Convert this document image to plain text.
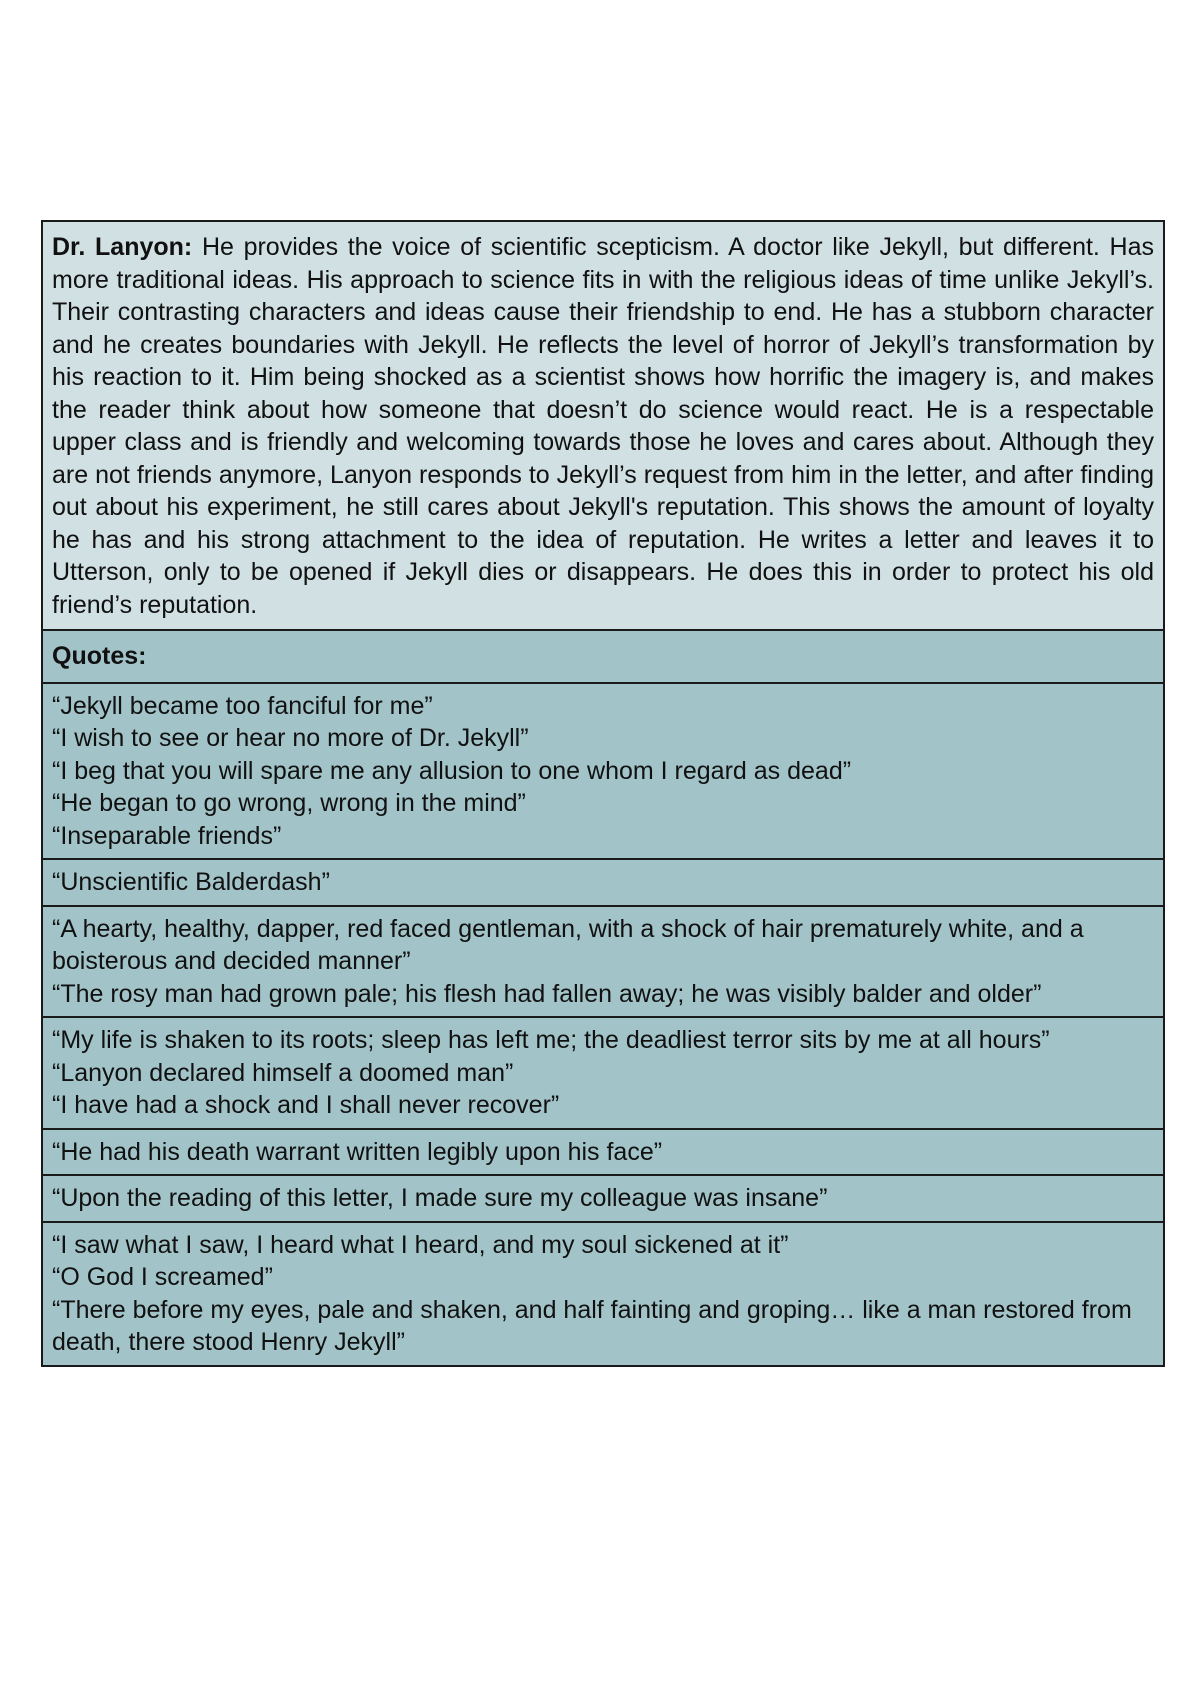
Dr. Lanyon: He provides the voice of scientific scepticism. A doctor like Jekyll, but different. Has more traditional ideas. His approach to science fits in with the religious ideas of time unlike Jekyll’s. Their contrasting characters and ideas cause their friendship to end. He has a stubborn character and he creates boundaries with Jekyll. He reflects the level of horror of Jekyll’s transformation by his reaction to it. Him being shocked as a scientist shows how horrific the imagery is, and makes the reader think about how someone that doesn’t do science would react. He is a respectable upper class and is friendly and welcoming towards those he loves and cares about. Although they are not friends anymore, Lanyon responds to Jekyll’s request from him in the letter, and after finding out about his experiment, he still cares about Jekyll's reputation. This shows the amount of loyalty he has and his strong attachment to the idea of reputation. He writes a letter and leaves it to Utterson, only to be opened if Jekyll dies or disappears. He does this in order to protect his old friend’s reputation.
Quotes:
“Jekyll became too fanciful for me”
“I wish to see or hear no more of Dr. Jekyll”
“I beg that you will spare me any allusion to one whom I regard as dead”
“He began to go wrong, wrong in the mind”
“Inseparable friends”
“Unscientific Balderdash”
“A hearty, healthy, dapper, red faced gentleman, with a shock of hair prematurely white, and a boisterous and decided manner”
“The rosy man had grown pale; his flesh had fallen away; he was visibly balder and older”
“My life is shaken to its roots; sleep has left me; the deadliest terror sits by me at all hours”
“Lanyon declared himself a doomed man”
“I have had a shock and I shall never recover”
“He had his death warrant written legibly upon his face”
“Upon the reading of this letter, I made sure my colleague was insane”
“I saw what I saw, I heard what I heard, and my soul sickened at it”
“O God I screamed”
“There before my eyes, pale and shaken, and half fainting and groping… like a man restored from death, there stood Henry Jekyll”
